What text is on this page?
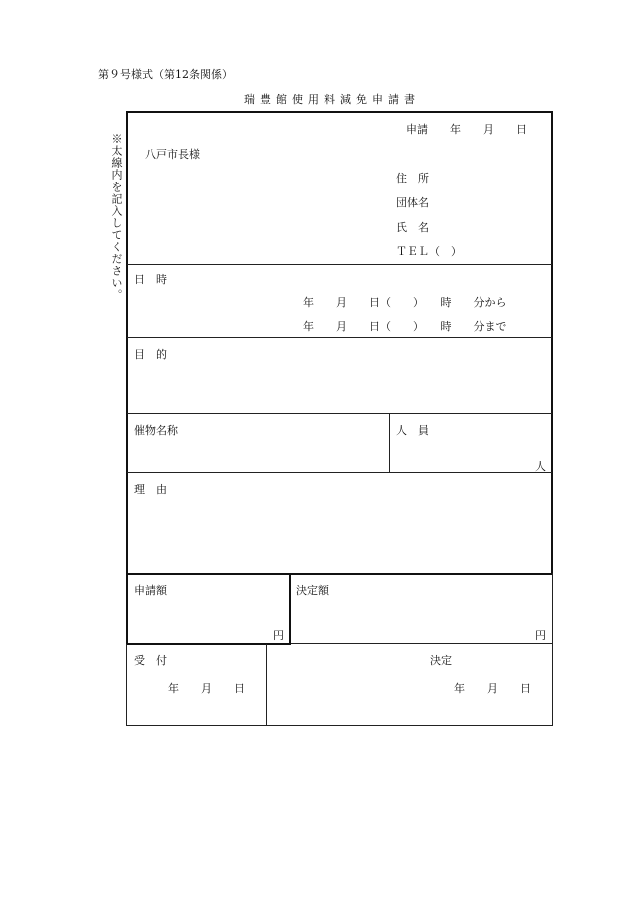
第９号様式（第12条関係）
瑞豊館使用料減免申請書
※太線内を記入してください。
申請　　年　　月　　日
八戸市長様
住　所
団体名
氏　名
ＴＥＬ（　）
日　時
年　　月　　日（　　）　　時　　分から
年　　月　　日（　　）　　時　　分まで
目　的
催物名称	人　員
人
理　由
申請額
円
決定額
円
受　付
年　　月　　日
決定
年　　月　　日
